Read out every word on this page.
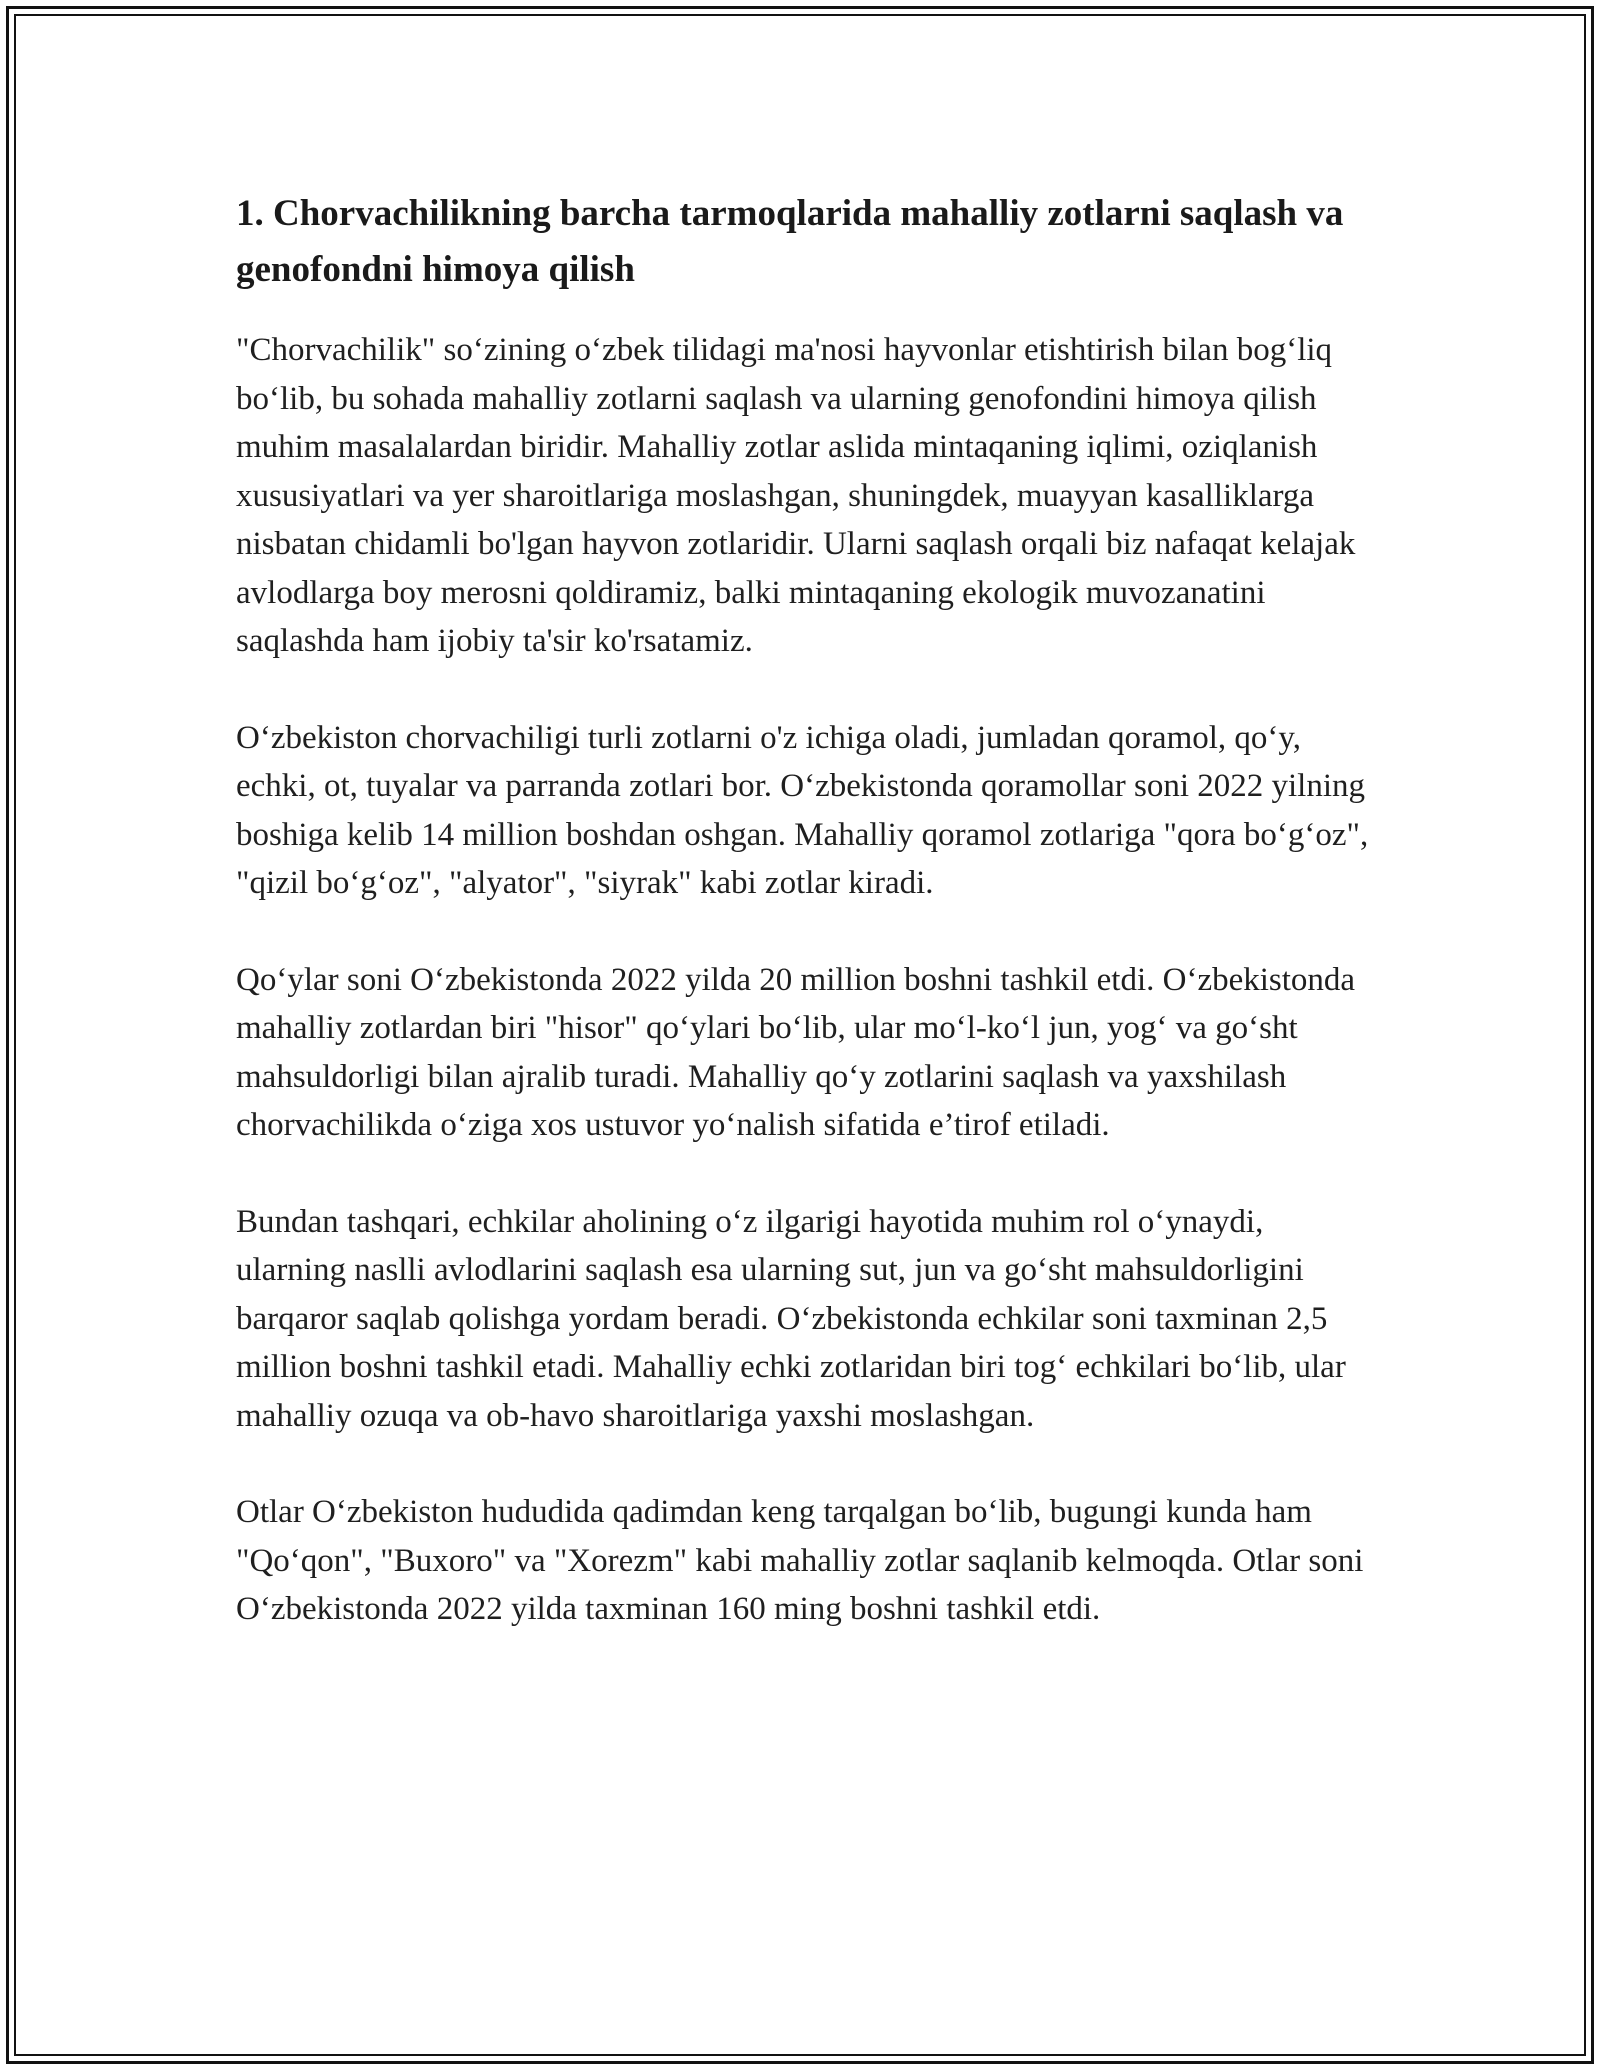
1. Chorvachilikning barcha tarmoqlarida mahalliy zotlarni saqlash va genofondni himoya qilish

"Chorvachilik" so‘zining o‘zbek tilidagi ma'nosi hayvonlar etishtirish bilan bog‘liq bo‘lib, bu sohada mahalliy zotlarni saqlash va ularning genofondini himoya qilish muhim masalalardan biridir. Mahalliy zotlar aslida mintaqaning iqlimi, oziqlanish xususiyatlari va yer sharoitlariga moslashgan, shuningdek, muayyan kasalliklarga nisbatan chidamli bo'lgan hayvon zotlaridir. Ularni saqlash orqali biz nafaqat kelajak avlodlarga boy merosni qoldiramiz, balki mintaqaning ekologik muvozanatini saqlashda ham ijobiy ta'sir ko'rsatamiz.

O‘zbekiston chorvachiligi turli zotlarni o'z ichiga oladi, jumladan qoramol, qo‘y, echki, ot, tuyalar va parranda zotlari bor. O‘zbekistonda qoramollar soni 2022 yilning boshiga kelib 14 million boshdan oshgan. Mahalliy qoramol zotlariga "qora bo‘g‘oz", "qizil bo‘g‘oz", "alyator", "siyrak" kabi zotlar kiradi.

Qo‘ylar soni O‘zbekistonda 2022 yilda 20 million boshni tashkil etdi. O‘zbekistonda mahalliy zotlardan biri "hisor" qo‘ylari bo‘lib, ular mo‘l-ko‘l jun, yog‘ va go‘sht mahsuldorligi bilan ajralib turadi. Mahalliy qo‘y zotlarini saqlash va yaxshilash chorvachilikda o‘ziga xos ustuvor yo‘nalish sifatida e’tirof etiladi.

Bundan tashqari, echkilar aholining o‘z ilgarigi hayotida muhim rol o‘ynaydi, ularning naslli avlodlarini saqlash esa ularning sut, jun va go‘sht mahsuldorligini barqaror saqlab qolishga yordam beradi. O‘zbekistonda echkilar soni taxminan 2,5 million boshni tashkil etadi. Mahalliy echki zotlaridan biri tog‘ echkilari bo‘lib, ular mahalliy ozuqa va ob-havo sharoitlariga yaxshi moslashgan.

Otlar O‘zbekiston hududida qadimdan keng tarqalgan bo‘lib, bugungi kunda ham "Qo‘qon", "Buxoro" va "Xorezm" kabi mahalliy zotlar saqlanib kelmoqda. Otlar soni O‘zbekistonda 2022 yilda taxminan 160 ming boshni tashkil etdi.
